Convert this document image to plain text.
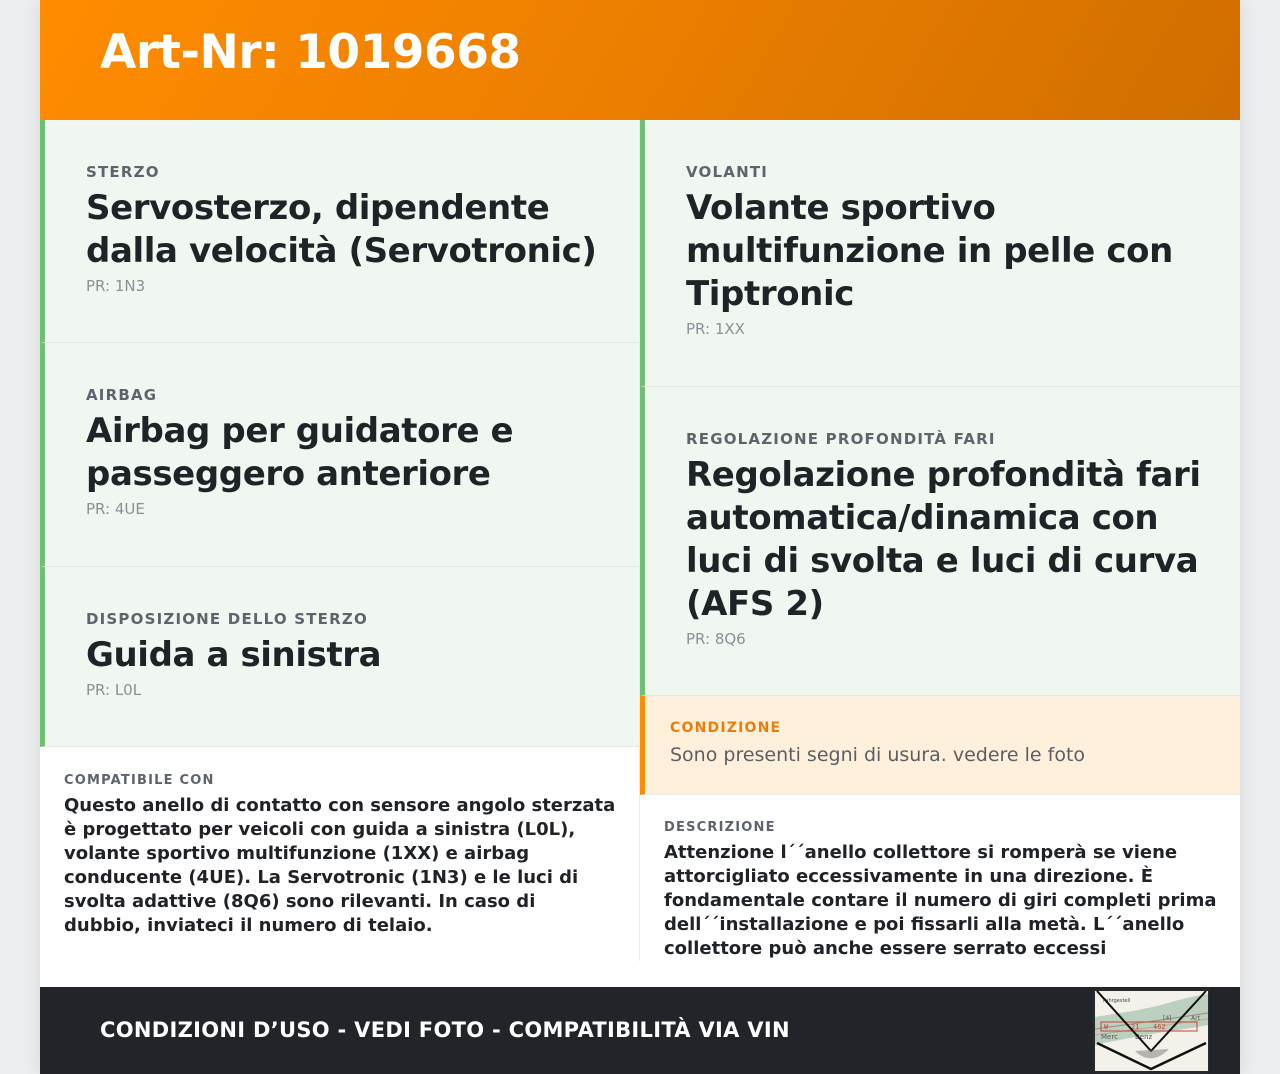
Art-Nr: 1019668
STERZO
Servosterzo, dipendente dalla velocità (Servotronic)
PR: 1N3
AIRBAG
Airbag per guidatore e passeggero anteriore
PR: 4UE
DISPOSIZIONE DELLO STERZO
Guida a sinistra
PR: L0L
COMPATIBILE CON
Questo anello di contatto con sensore angolo sterzata è progettato per veicoli con guida a sinistra (L0L), volante sportivo multifunzione (1XX) e airbag conducente (4UE). La Servotronic (1N3) e le luci di svolta adattive (8Q6) sono rilevanti. In caso di dubbio, inviateci il numero di telaio.
VOLANTI
Volante sportivo multifunzione in pelle con Tiptronic
PR: 1XX
REGOLAZIONE PROFONDITÀ FARI
Regolazione profondità fari automatica/dinamica con luci di svolta e luci di curva (AFS 2)
PR: 8Q6
CONDIZIONE
Sono presenti segni di usura. vedere le foto
DESCRIZIONE
Attenzione l´´anello collettore si romperà se viene attorcigliato eccessivamente in una direzione. È fondamentale contare il numero di giri completi prima dell´´installazione e poi fissarli alla metà. L´´anello collettore può anche essere serrato eccessi
CONDIZIONI D’USO - VEDI FOTO - COMPATIBILITÀ VIA VIN
Fahrgestell
W	21 462
[4]	Art
Merc Benz
